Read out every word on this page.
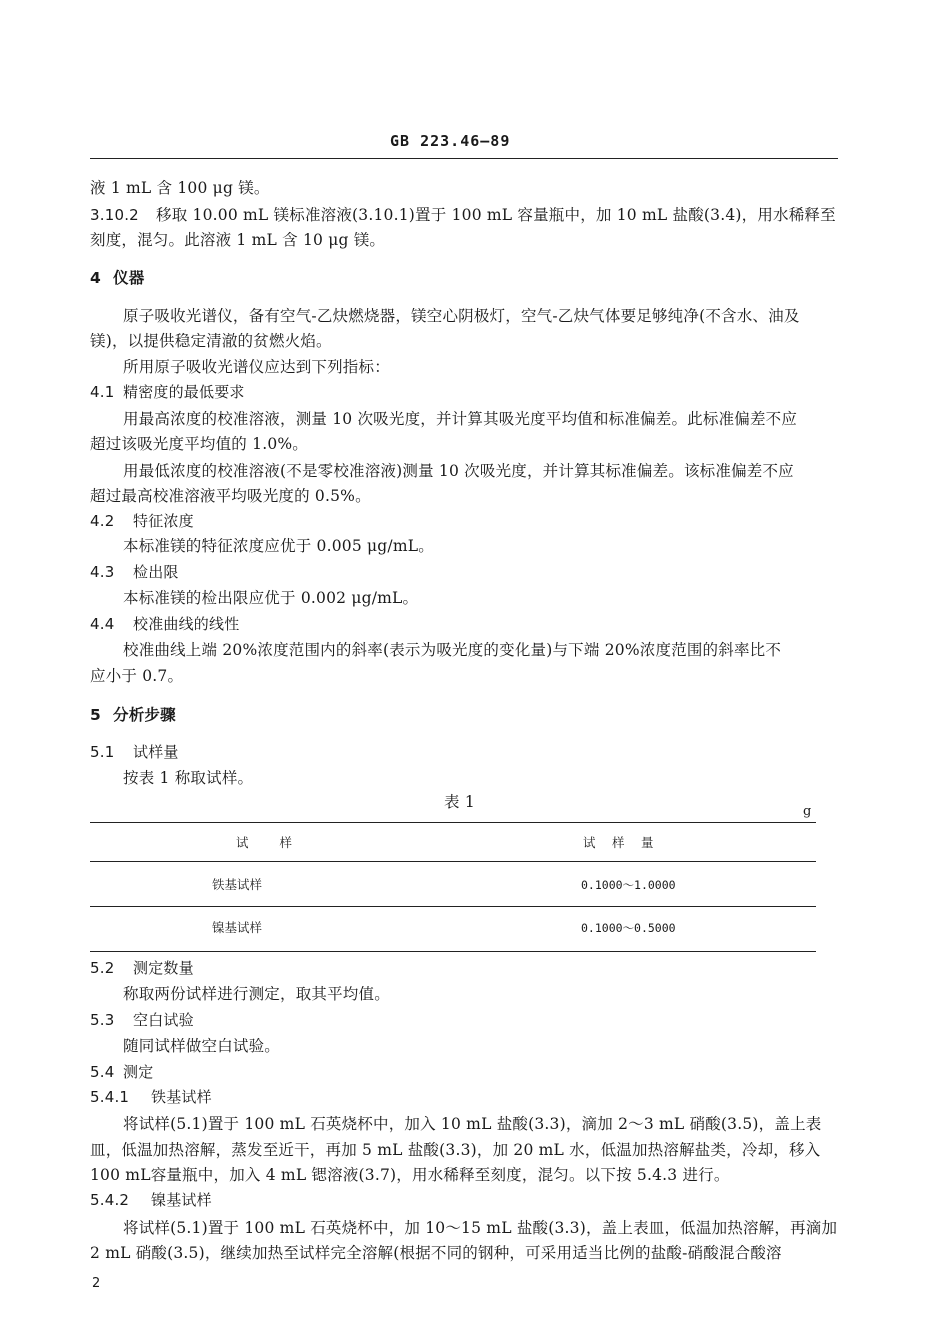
GB 223.46—89
液 1 mL 含 100 μg 镁。
3.10.2 移取 10.00 mL 镁标准溶液(3.10.1)置于 100 mL 容量瓶中，加 10 mL 盐酸(3.4)，用水稀释至
刻度，混匀。此溶液 1 mL 含 10 μg 镁。
4 仪器
原子吸收光谱仪，备有空气-乙炔燃烧器，镁空心阴极灯，空气-乙炔气体要足够纯净(不含水、油及
镁)，以提供稳定清澈的贫燃火焰。
所用原子吸收光谱仪应达到下列指标：
4.1 精密度的最低要求
用最高浓度的校准溶液，测量 10 次吸光度，并计算其吸光度平均值和标准偏差。此标准偏差不应
超过该吸光度平均值的 1.0%。
用最低浓度的校准溶液(不是零校准溶液)测量 10 次吸光度，并计算其标准偏差。该标准偏差不应
超过最高校准溶液平均吸光度的 0.5%。
4.2 特征浓度
本标准镁的特征浓度应优于 0.005 μg/mL。
4.3 检出限
本标准镁的检出限应优于 0.002 μg/mL。
4.4 校准曲线的线性
校准曲线上端 20%浓度范围内的斜率(表示为吸光度的变化量)与下端 20%浓度范围的斜率比不
应小于 0.7。
5 分析步骤
5.1 试样量
按表 1 称取试样。
表 1
g
试　　样	试　样　量
铁基试样	0.1000～1.0000
镍基试样	0.1000～0.5000
5.2 测定数量
称取两份试样进行测定，取其平均值。
5.3 空白试验
随同试样做空白试验。
5.4 测定
5.4.1 铁基试样
将试样(5.1)置于 100 mL 石英烧杯中，加入 10 mL 盐酸(3.3)，滴加 2～3 mL 硝酸(3.5)，盖上表
皿，低温加热溶解，蒸发至近干，再加 5 mL 盐酸(3.3)，加 20 mL 水，低温加热溶解盐类，冷却，移入
100 mL容量瓶中，加入 4 mL 锶溶液(3.7)，用水稀释至刻度，混匀。以下按 5.4.3 进行。
5.4.2 镍基试样
将试样(5.1)置于 100 mL 石英烧杯中，加 10～15 mL 盐酸(3.3)，盖上表皿，低温加热溶解，再滴加
2 mL 硝酸(3.5)，继续加热至试样完全溶解(根据不同的钢种，可采用适当比例的盐酸-硝酸混合酸溶
2
